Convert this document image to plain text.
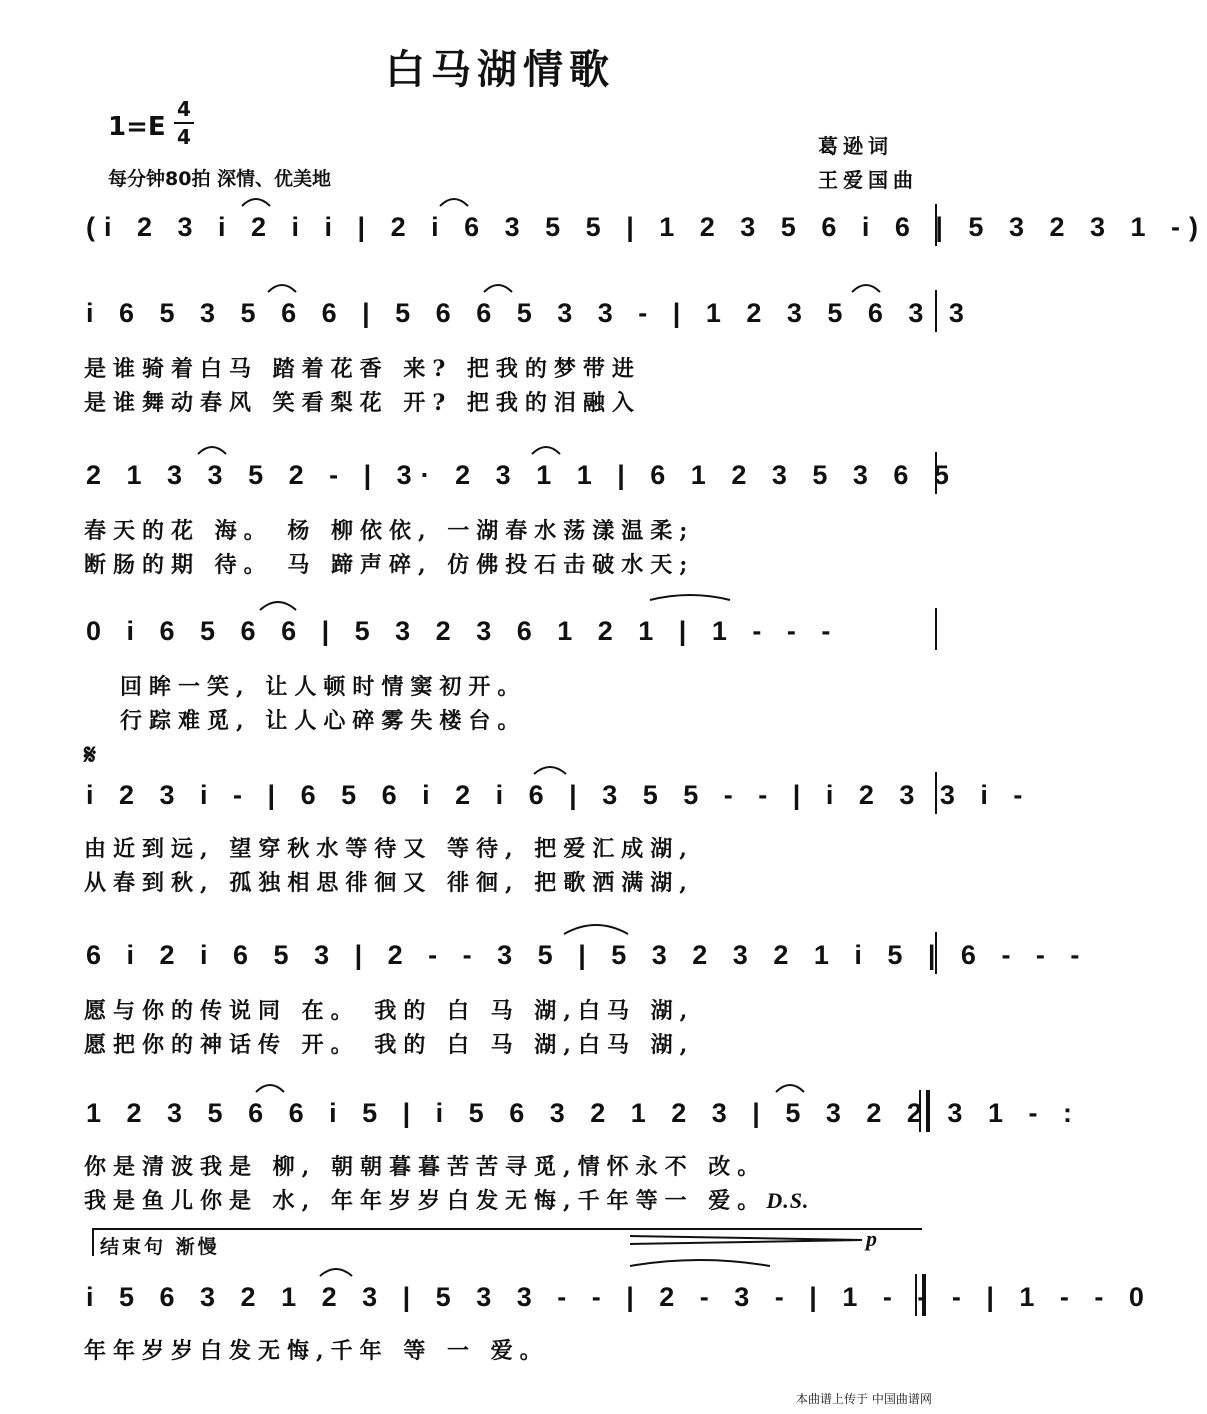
白马湖情歌
1=E
4
4
每分钟80拍 深情、优美地
葛逊词
王爱国曲
(i 2 3 i 2 i i | 2 i 6 3 5 5 | 1 2 3 5 6 i 6 | 5 3 2 3 1 -)
i 6 5 3 5 6 6 | 5 6 6 5 3 3 - | 1 2 3 5 6 3 3
是谁骑着白马 踏着花香 来? 把我的梦带进
是谁舞动春风 笑看梨花 开? 把我的泪融入
2 1 3 3 5 2 - | 3· 2 3 1 1 | 6 1 2 3 5 3 6 5
春天的花 海。 杨 柳依依, 一湖春水荡漾温柔;
断肠的期 待。 马 蹄声碎, 仿佛投石击破水天;
0 i 6 5 6 6 | 5 3 2 3 6 1 2 1 | 1 - - -
回眸一笑, 让人顿时情窦初开。
行踪难觅, 让人心碎雾失楼台。
𝄋
i 2 3 i - | 6 5 6 i 2 i 6 | 3 5 5 - - | i 2 3 3 i -
由近到远, 望穿秋水等待又 等待, 把爱汇成湖,
从春到秋, 孤独相思徘徊又 徘徊, 把歌洒满湖,
6 i 2 i 6 5 3 | 2 - - 3 5 | 5 3 2 3 2 1 i 5 | 6 - - -
愿与你的传说同 在。 我的 白 马 湖,白马 湖,
愿把你的神话传 开。 我的 白 马 湖,白马 湖,
1 2 3 5 6 6 i 5 | i 5 6 3 2 1 2 3 | 5 3 2 2 3 1 - :
你是清波我是 柳, 朝朝暮暮苦苦寻觅,情怀永不 改。
我是鱼儿你是 水, 年年岁岁白发无悔,千年等一 爱。D.S.
结束句 渐慢	p
i 5 6 3 2 1 2 3 | 5 3 3 - - | 2 - 3 - | 1 - - - | 1 - - 0
年年岁岁白发无悔,千年 等 一 爱。
本曲谱上传于 中国曲谱网
